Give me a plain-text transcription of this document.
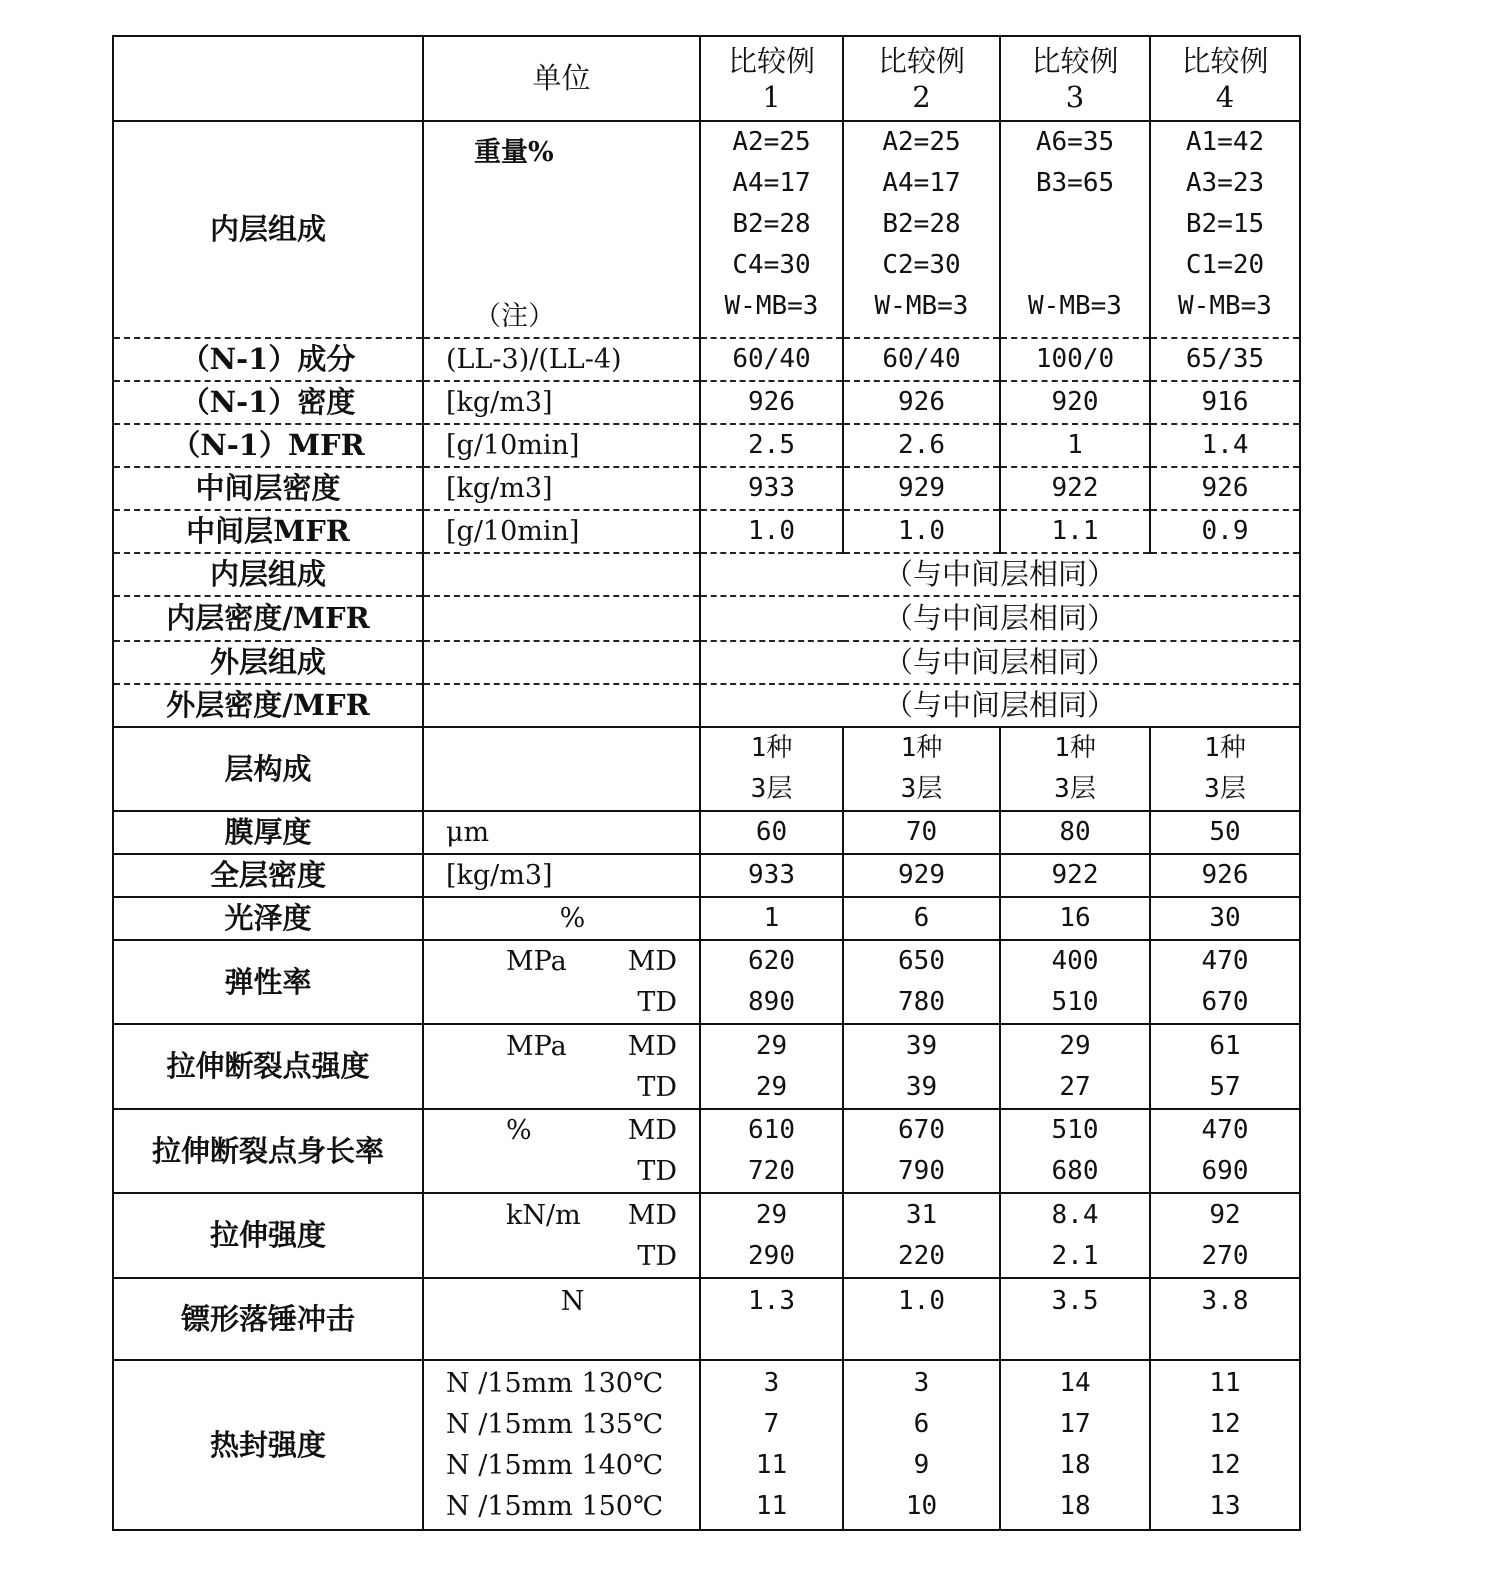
	单位	
比较例
1

比较例
2

比较例
3

比较例
4

内层组成	
重量%

（注）

A2=25
A4=17
B2=28
C4=30
W-MB=3

A2=25
A4=17
B2=28
C2=30
W-MB=3

A6=35
B3=65

W-MB=3

A1=42
A3=23
B2=15
C1=20
W-MB=3

（N-1）成分	(LL-3)/(LL-4)	60/40	60/40	100/0	65/35

（N-1）密度	[kg/m3]	926	926	920	916

（N-1）MFR	[g/10min]	2.5	2.6	1	1.4

中间层密度	[kg/m3]	933	929	922	926

中间层MFR	[g/10min]	1.0	1.0	1.1	0.9

内层组成		（与中间层相同）
内层密度/MFR		（与中间层相同）
外层组成		（与中间层相同）
外层密度/MFR		（与中间层相同）
层构成	

1种
3层

1种
3层

1种
3层

1种
3层

膜厚度	μm	60	70	80	50

全层密度	[kg/m3]	933	929	922	926

光泽度	%	1	6	16	30

弹性率	
MPa MD

TD

620
890

650
780

400
510

470
670

拉伸断裂点强度	
MPa MD

TD

29
29

39
39

29
27

61
57

拉伸断裂点身长率	
%	MD

TD

610
720

670
790

510
680

470
690

拉伸强度	
kN/m MD

TD

29
290

31
220

8.4
2.1

92
270

镖形落锤冲击	N	1.3	1.0	3.5	3.8

热封强度	
N /15mm 130℃
N /15mm 135℃
N /15mm 140℃
N /15mm 150℃

3
7
11
11

3
6
9
10

14
17
18
18

11
12
12
13
